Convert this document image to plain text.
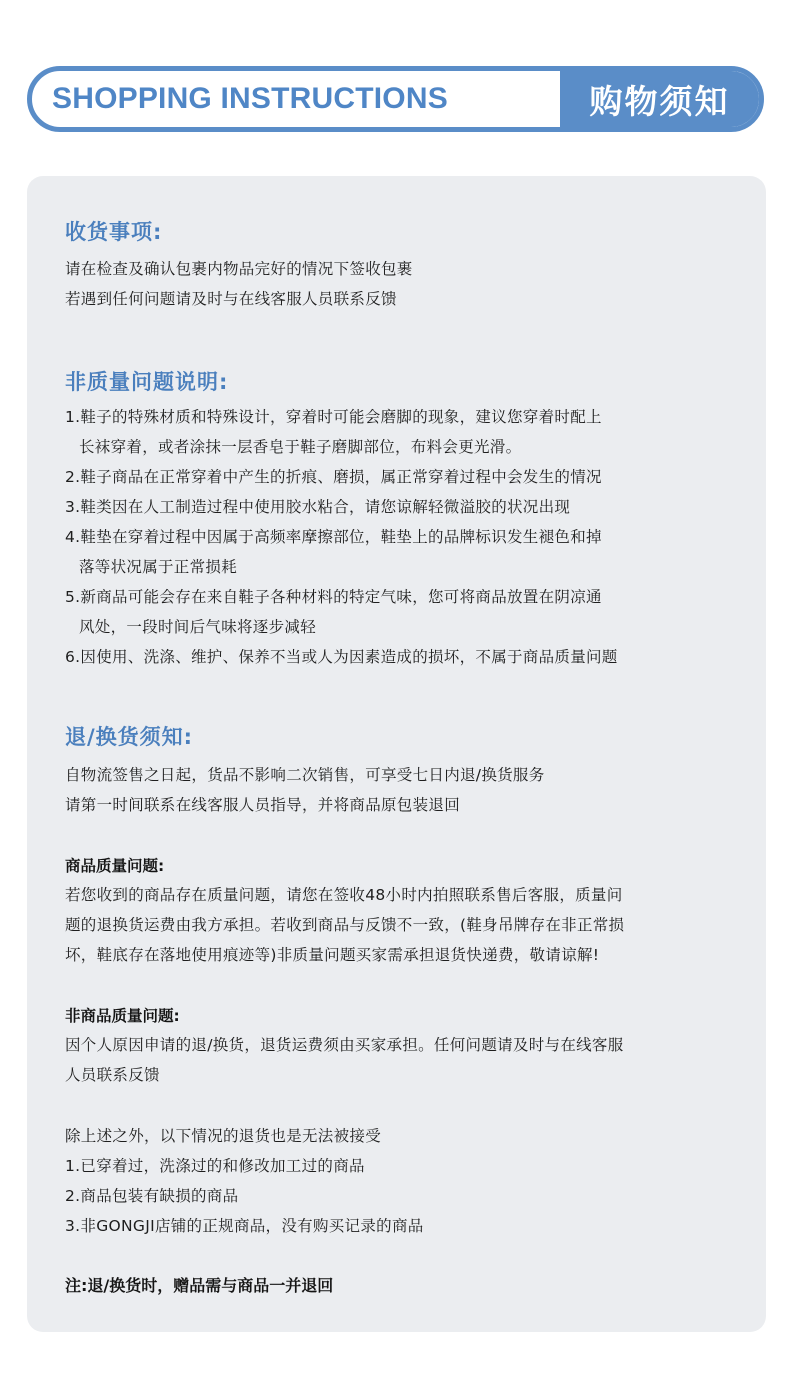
SHOPPING INSTRUCTIONS	购物须知
收货事项:
请在检查及确认包裹内物品完好的情况下签收包裹
若遇到任何问题请及时与在线客服人员联系反馈
非质量问题说明:
1.鞋子的特殊材质和特殊设计，穿着时可能会磨脚的现象，建议您穿着时配上
长袜穿着，或者涂抹一层香皂于鞋子磨脚部位，布料会更光滑。
2.鞋子商品在正常穿着中产生的折痕、磨损，属正常穿着过程中会发生的情况
3.鞋类因在人工制造过程中使用胶水粘合，请您谅解轻微溢胶的状况出现
4.鞋垫在穿着过程中因属于高频率摩擦部位，鞋垫上的品牌标识发生褪色和掉
落等状况属于正常损耗
5.新商品可能会存在来自鞋子各种材料的特定气味，您可将商品放置在阴凉通
风处，一段时间后气味将逐步减轻
6.因使用、洗涤、维护、保养不当或人为因素造成的损坏，不属于商品质量问题
退/换货须知:
自物流签售之日起，货品不影响二次销售，可享受七日内退/换货服务
请第一时间联系在线客服人员指导，并将商品原包装退回
商品质量问题:
若您收到的商品存在质量问题，请您在签收48小时内拍照联系售后客服，质量问
题的退换货运费由我方承担。若收到商品与反馈不一致，(鞋身吊牌存在非正常损
坏，鞋底存在落地使用痕迹等)非质量问题买家需承担退货快递费，敬请谅解!
非商品质量问题:
因个人原因申请的退/换货，退货运费须由买家承担。任何问题请及时与在线客服
人员联系反馈
除上述之外，以下情况的退货也是无法被接受
1.已穿着过，洗涤过的和修改加工过的商品
2.商品包装有缺损的商品
3.非GONGJI店铺的正规商品，没有购买记录的商品
注:退/换货时，赠品需与商品一并退回
